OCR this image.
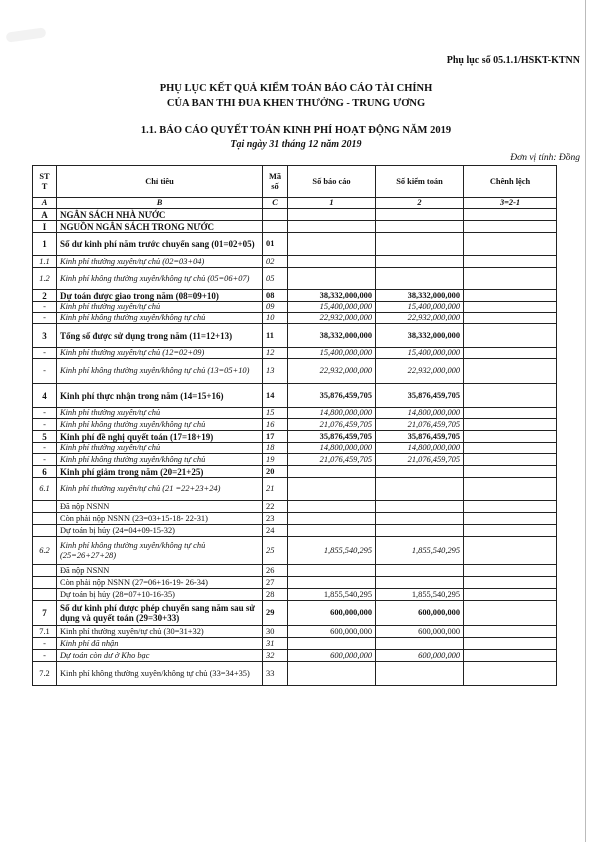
Phụ lục số 05.1.1/HSKT-KTNN
PHỤ LỤC KẾT QUẢ KIỂM TOÁN BÁO CÁO TÀI CHÍNH
CỦA BAN THI ĐUA KHEN THƯỞNG - TRUNG ƯƠNG
1.1. BÁO CÁO QUYẾT TOÁN KINH PHÍ HOẠT ĐỘNG NĂM 2019
Tại ngày 31 tháng 12 năm 2019
Đơn vị tính: Đồng
ST T	Chỉ tiêu	Mã số	Số báo cáo	Số kiểm toán	Chênh lệch
A	B	C	1	2	3=2-1
A	NGÂN SÁCH NHÀ NƯỚC				
I	NGUỒN NGÂN SÁCH TRONG NƯỚC				
1	Số dư kinh phí năm trước chuyển sang (01=02+05)	01			
1.1	Kinh phí thường xuyên/tự chủ (02=03+04)	02			
1.2	Kinh phí không thường xuyên/không tự chủ (05=06+07)	05			
2	Dự toán được giao trong năm (08=09+10)	08	38,332,000,000	38,332,000,000	
-	Kinh phí thường xuyên/tự chủ	09	15,400,000,000	15,400,000,000	
-	Kinh phí không thường xuyên/không tự chủ	10	22,932,000,000	22,932,000,000	
3	Tổng số được sử dụng trong năm (11=12+13)	11	38,332,000,000	38,332,000,000	
-	Kinh phí thường xuyên/tự chủ (12=02+09)	12	15,400,000,000	15,400,000,000	
-	Kinh phí không thường xuyên/không tự chủ (13=05+10)	13	22,932,000,000	22,932,000,000	
4	Kinh phí thực nhận trong năm (14=15+16)	14	35,876,459,705	35,876,459,705	
-	Kinh phí thường xuyên/tự chủ	15	14,800,000,000	14,800,000,000	
-	Kinh phí không thường xuyên/không tự chủ	16	21,076,459,705	21,076,459,705	
5	Kinh phí đề nghị quyết toán (17=18+19)	17	35,876,459,705	35,876,459,705	
-	Kinh phí thường xuyên/tự chủ	18	14,800,000,000	14,800,000,000	
-	Kinh phí không thường xuyên/không tự chủ	19	21,076,459,705	21,076,459,705	
6	Kinh phí giảm trong năm (20=21+25)	20			
6.1	Kinh phí thường xuyên/tự chủ (21 =22+23+24)	21			
	Đã nộp NSNN	22			
	Còn phải nộp NSNN (23=03+15-18- 22-31)	23			
	Dự toán bị hủy (24=04+09-15-32)	24			
6.2	Kinh phí không thường xuyên/không tự chủ (25=26+27+28)	25	1,855,540,295	1,855,540,295	
	Đã nộp NSNN	26			
	Còn phải nộp NSNN (27=06+16-19- 26-34)	27			
	Dự toán bị hủy (28=07+10-16-35)	28	1,855,540,295	1,855,540,295	
7	Số dư kinh phí được phép chuyển sang năm sau sử dụng và quyết toán (29=30+33)	29	600,000,000	600,000,000	
7.1	Kinh phí thường xuyên/tự chủ (30=31+32)	30	600,000,000	600,000,000	
-	Kinh phí đã nhận	31			
-	Dự toán còn dư ở Kho bạc	32	600,000,000	600,000,000	
7.2	Kinh phí không thường xuyên/không tự chủ (33=34+35)	33			
